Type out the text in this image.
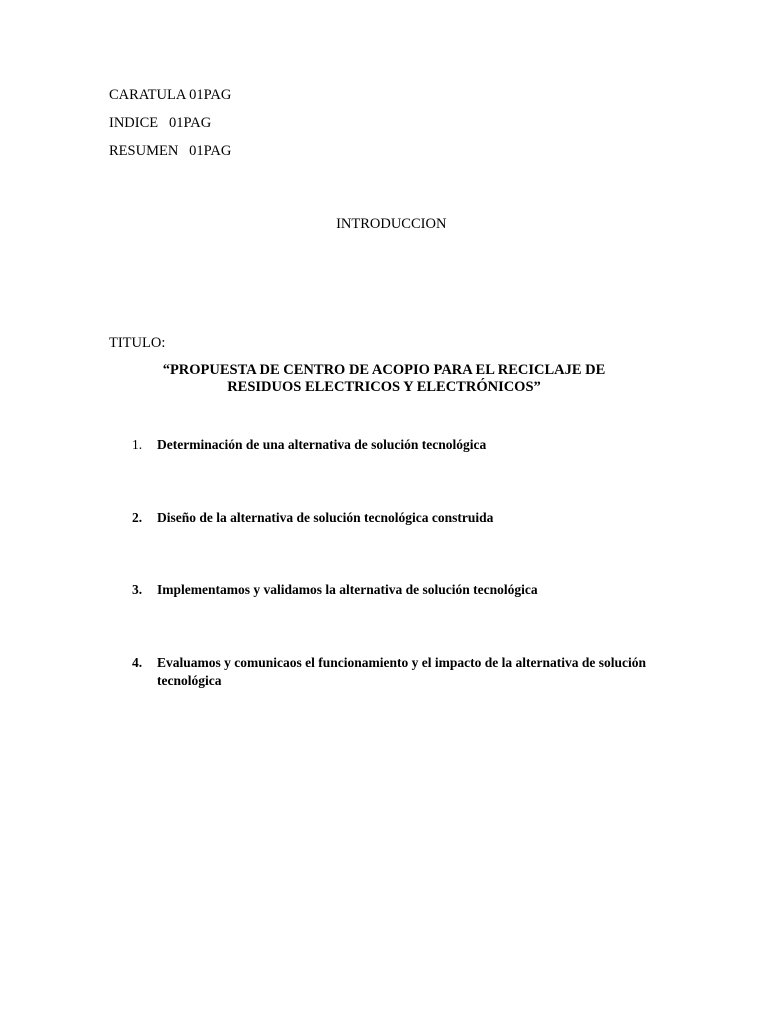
CARATULA 01PAG
INDICE   01PAG
RESUMEN   01PAG

INTRODUCCION

TITULO:
“PROPUESTA DE CENTRO DE ACOPIO PARA EL RECICLAJE DE
RESIDUOS ELECTRICOS Y ELECTRÓNICOS”
1.	Determinación de una alternativa de solución tecnológica
2.	Diseño de la alternativa de solución tecnológica construida
3.	Implementamos y validamos la alternativa de solución tecnológica
4.	Evaluamos y comunicaos el funcionamiento y el impacto de la alternativa de solución tecnológica
